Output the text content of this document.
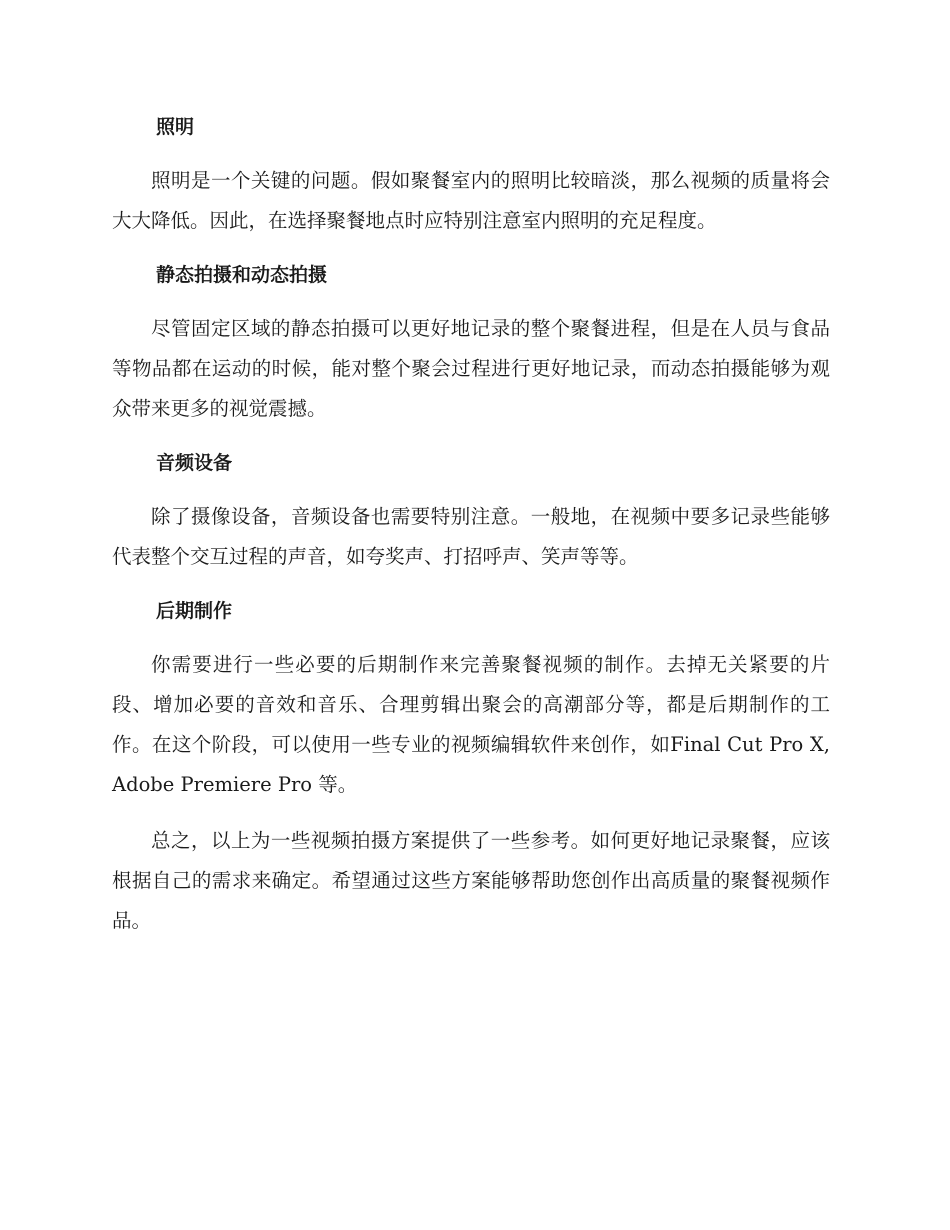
照明

照明是一个关键的问题。假如聚餐室内的照明比较暗淡，那么视频的质量将会大大降低。因此，在选择聚餐地点时应特别注意室内照明的充足程度。

静态拍摄和动态拍摄

尽管固定区域的静态拍摄可以更好地记录的整个聚餐进程，但是在人员与食品等物品都在运动的时候，能对整个聚会过程进行更好地记录，而动态拍摄能够为观众带来更多的视觉震撼。

音频设备

除了摄像设备，音频设备也需要特别注意。一般地，在视频中要多记录些能够代表整个交互过程的声音，如夸奖声、打招呼声、笑声等等。

后期制作

你需要进行一些必要的后期制作来完善聚餐视频的制作。去掉无关紧要的片段、增加必要的音效和音乐、合理剪辑出聚会的高潮部分等，都是后期制作的工作。在这个阶段，可以使用一些专业的视频编辑软件来创作，如Final Cut Pro X, Adobe Premiere Pro 等。

总之，以上为一些视频拍摄方案提供了一些参考。如何更好地记录聚餐，应该根据自己的需求来确定。希望通过这些方案能够帮助您创作出高质量的聚餐视频作品。
